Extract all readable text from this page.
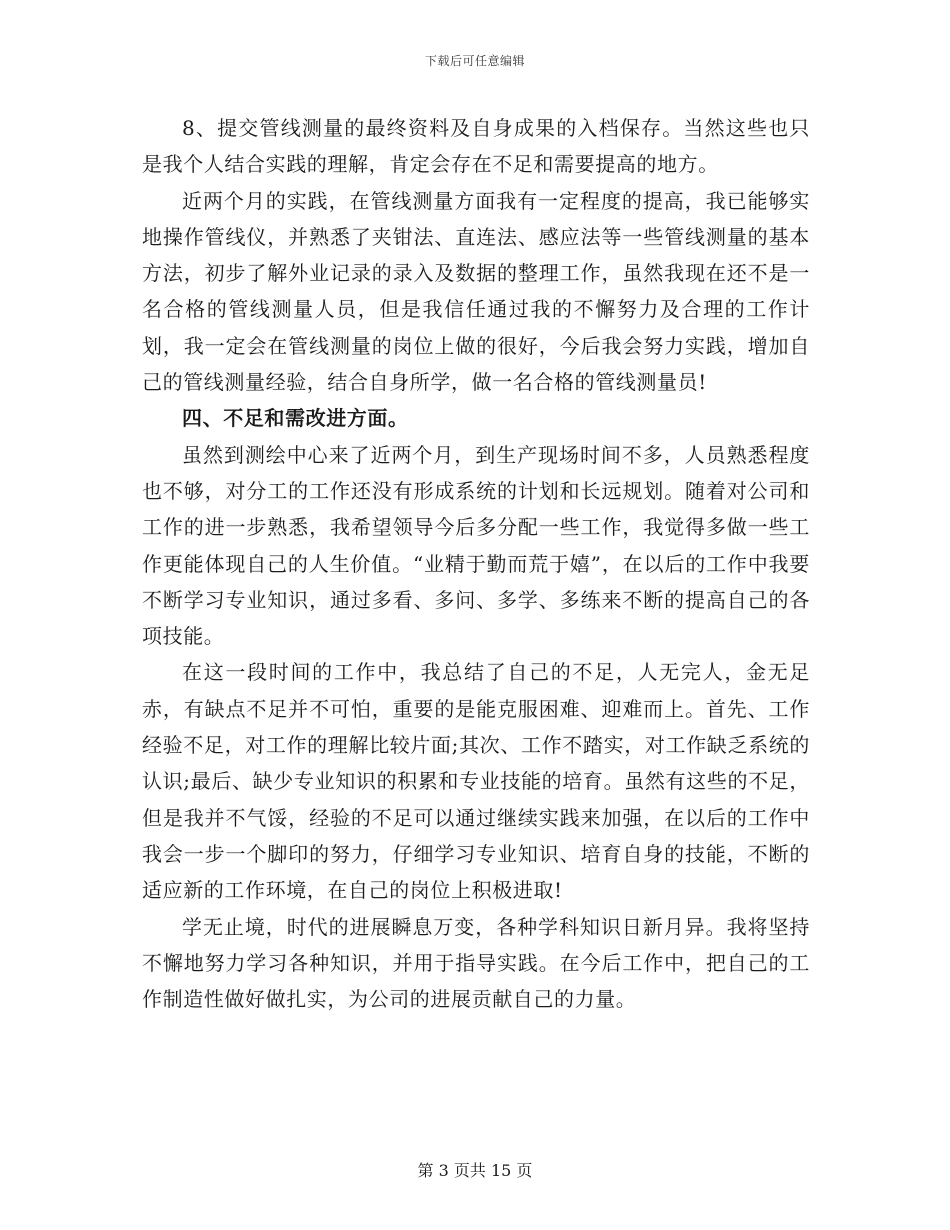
下载后可任意编辑

8、提交管线测量的最终资料及自身成果的入档保存。当然这些也只是我个人结合实践的理解，肯定会存在不足和需要提高的地方。

近两个月的实践，在管线测量方面我有一定程度的提高，我已能够实地操作管线仪，并熟悉了夹钳法、直连法、感应法等一些管线测量的基本方法，初步了解外业记录的录入及数据的整理工作，虽然我现在还不是一名合格的管线测量人员，但是我信任通过我的不懈努力及合理的工作计划，我一定会在管线测量的岗位上做的很好，今后我会努力实践，增加自己的管线测量经验，结合自身所学，做一名合格的管线测量员!

四、不足和需改进方面。

虽然到测绘中心来了近两个月，到生产现场时间不多，人员熟悉程度也不够，对分工的工作还没有形成系统的计划和长远规划。随着对公司和工作的进一步熟悉，我希望领导今后多分配一些工作，我觉得多做一些工作更能体现自己的人生价值。“业精于勤而荒于嬉”，在以后的工作中我要不断学习专业知识，通过多看、多问、多学、多练来不断的提高自己的各项技能。

在这一段时间的工作中，我总结了自己的不足，人无完人，金无足赤，有缺点不足并不可怕，重要的是能克服困难、迎难而上。首先、工作经验不足，对工作的理解比较片面;其次、工作不踏实，对工作缺乏系统的认识;最后、缺少专业知识的积累和专业技能的培育。虽然有这些的不足，但是我并不气馁，经验的不足可以通过继续实践来加强，在以后的工作中我会一步一个脚印的努力，仔细学习专业知识、培育自身的技能，不断的适应新的工作环境，在自己的岗位上积极进取!

学无止境，时代的进展瞬息万变，各种学科知识日新月异。我将坚持不懈地努力学习各种知识，并用于指导实践。在今后工作中，把自己的工作制造性做好做扎实，为公司的进展贡献自己的力量。

第 3 页共 15 页
